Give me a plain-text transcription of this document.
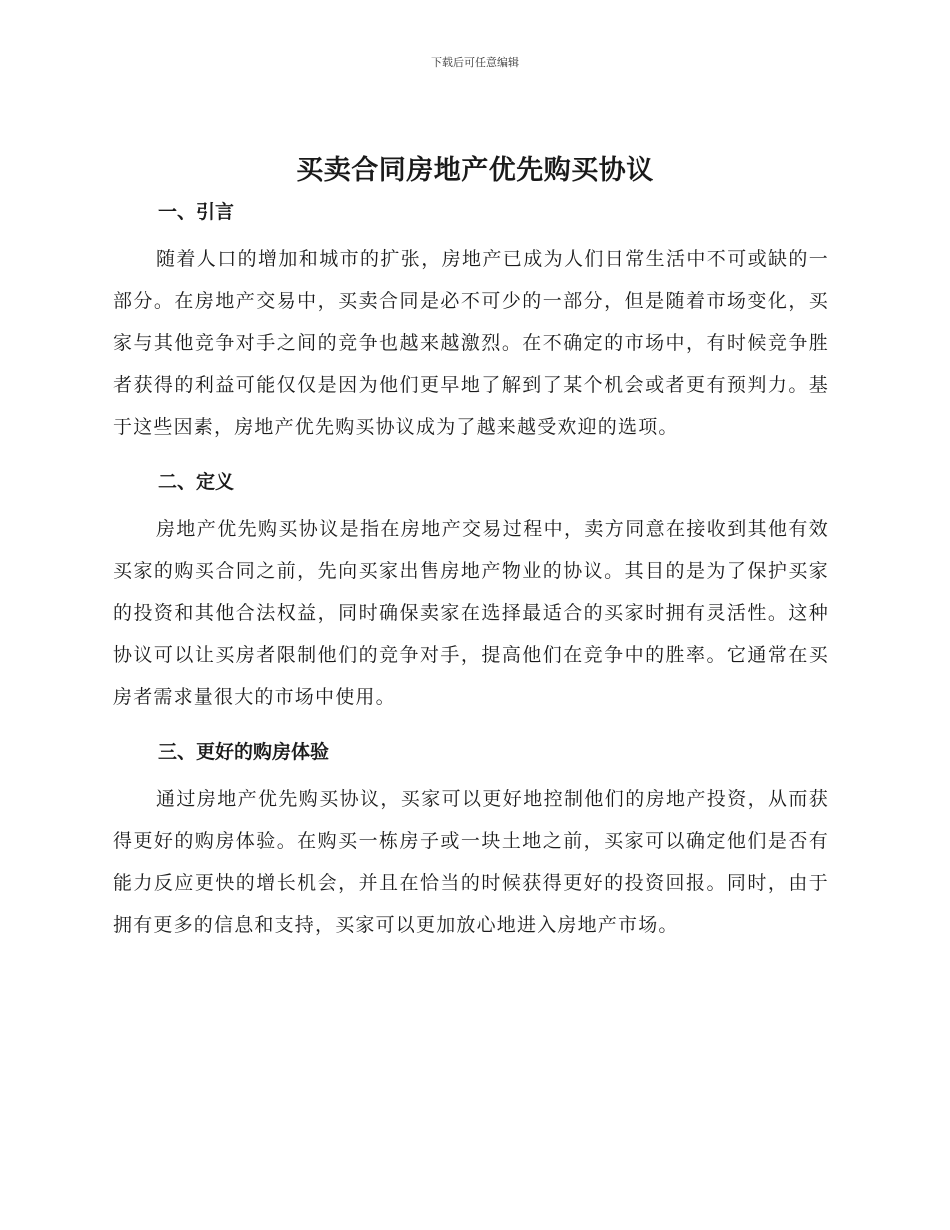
下载后可任意编辑
买卖合同房地产优先购买协议
一、引言

随着人口的增加和城市的扩张，房地产已成为人们日常生活中不可或缺的一部分。在房地产交易中，买卖合同是必不可少的一部分，但是随着市场变化，买家与其他竞争对手之间的竞争也越来越激烈。在不确定的市场中，有时候竞争胜者获得的利益可能仅仅是因为他们更早地了解到了某个机会或者更有预判力。基于这些因素，房地产优先购买协议成为了越来越受欢迎的选项。

二、定义

房地产优先购买协议是指在房地产交易过程中，卖方同意在接收到其他有效买家的购买合同之前，先向买家出售房地产物业的协议。其目的是为了保护买家的投资和其他合法权益，同时确保卖家在选择最适合的买家时拥有灵活性。这种协议可以让买房者限制他们的竞争对手，提高他们在竞争中的胜率。它通常在买房者需求量很大的市场中使用。

三、更好的购房体验

通过房地产优先购买协议，买家可以更好地控制他们的房地产投资，从而获得更好的购房体验。在购买一栋房子或一块土地之前，买家可以确定他们是否有能力反应更快的增长机会，并且在恰当的时候获得更好的投资回报。同时，由于拥有更多的信息和支持，买家可以更加放心地进入房地产市场。
